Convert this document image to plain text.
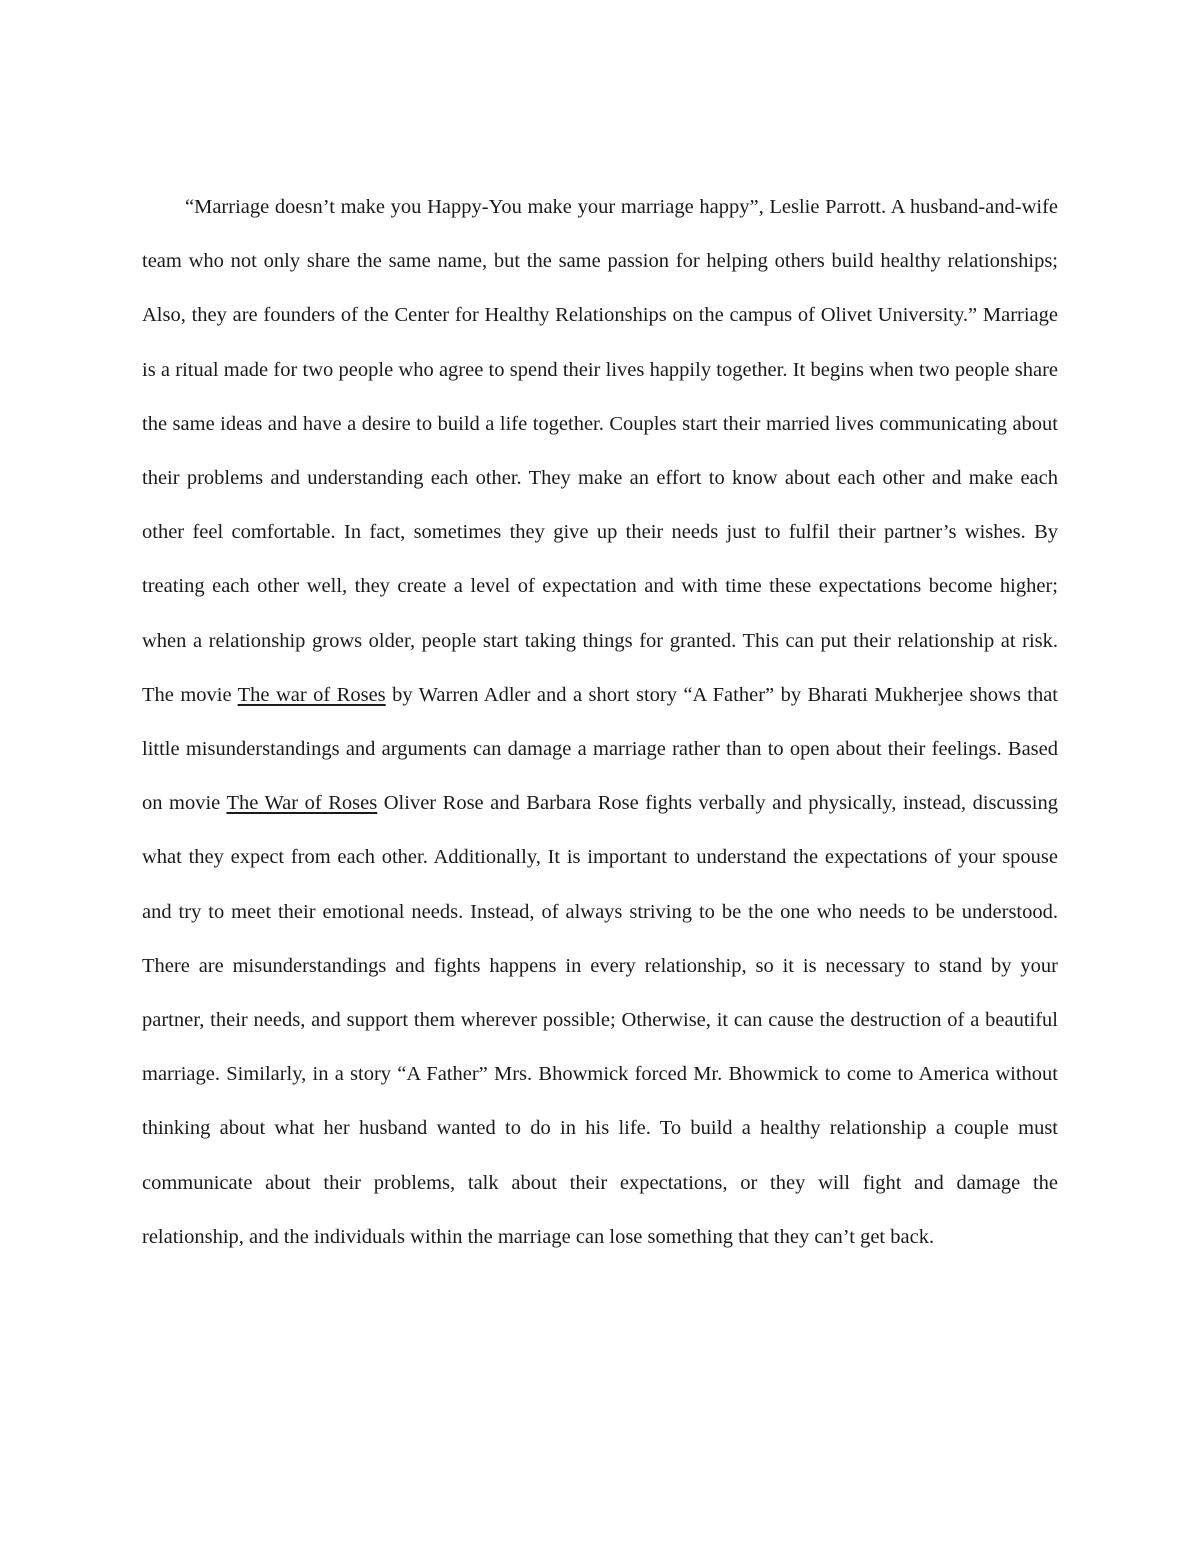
“Marriage doesn’t make you Happy-You make your marriage happy”, Leslie Parrott. A husband-and-wife team who not only share the same name, but the same passion for helping others build healthy relationships; Also, they are founders of the Center for Healthy Relationships on the campus of Olivet University.” Marriage is a ritual made for two people who agree to spend their lives happily together. It begins when two people share the same ideas and have a desire to build a life together. Couples start their married lives communicating about their problems and understanding each other. They make an effort to know about each other and make each other feel comfortable. In fact, sometimes they give up their needs just to fulfil their partner’s wishes. By treating each other well, they create a level of expectation and with time these expectations become higher; when a relationship grows older, people start taking things for granted. This can put their relationship at risk. The movie The war of Roses by Warren Adler and a short story “A Father” by Bharati Mukherjee shows that little misunderstandings and arguments can damage a marriage rather than to open about their feelings. Based on movie The War of Roses Oliver Rose and Barbara Rose fights verbally and physically, instead, discussing what they expect from each other. Additionally, It is important to understand the expectations of your spouse and try to meet their emotional needs. Instead, of always striving to be the one who needs to be understood. There are misunderstandings and fights happens in every relationship, so it is necessary to stand by your partner, their needs, and support them wherever possible; Otherwise, it can cause the destruction of a beautiful marriage. Similarly, in a story “A Father” Mrs. Bhowmick forced Mr. Bhowmick to come to America without thinking about what her husband wanted to do in his life. To build a healthy relationship a couple must communicate about their problems, talk about their expectations, or they will fight and damage the relationship, and the individuals within the marriage can lose something that they can’t get back.
